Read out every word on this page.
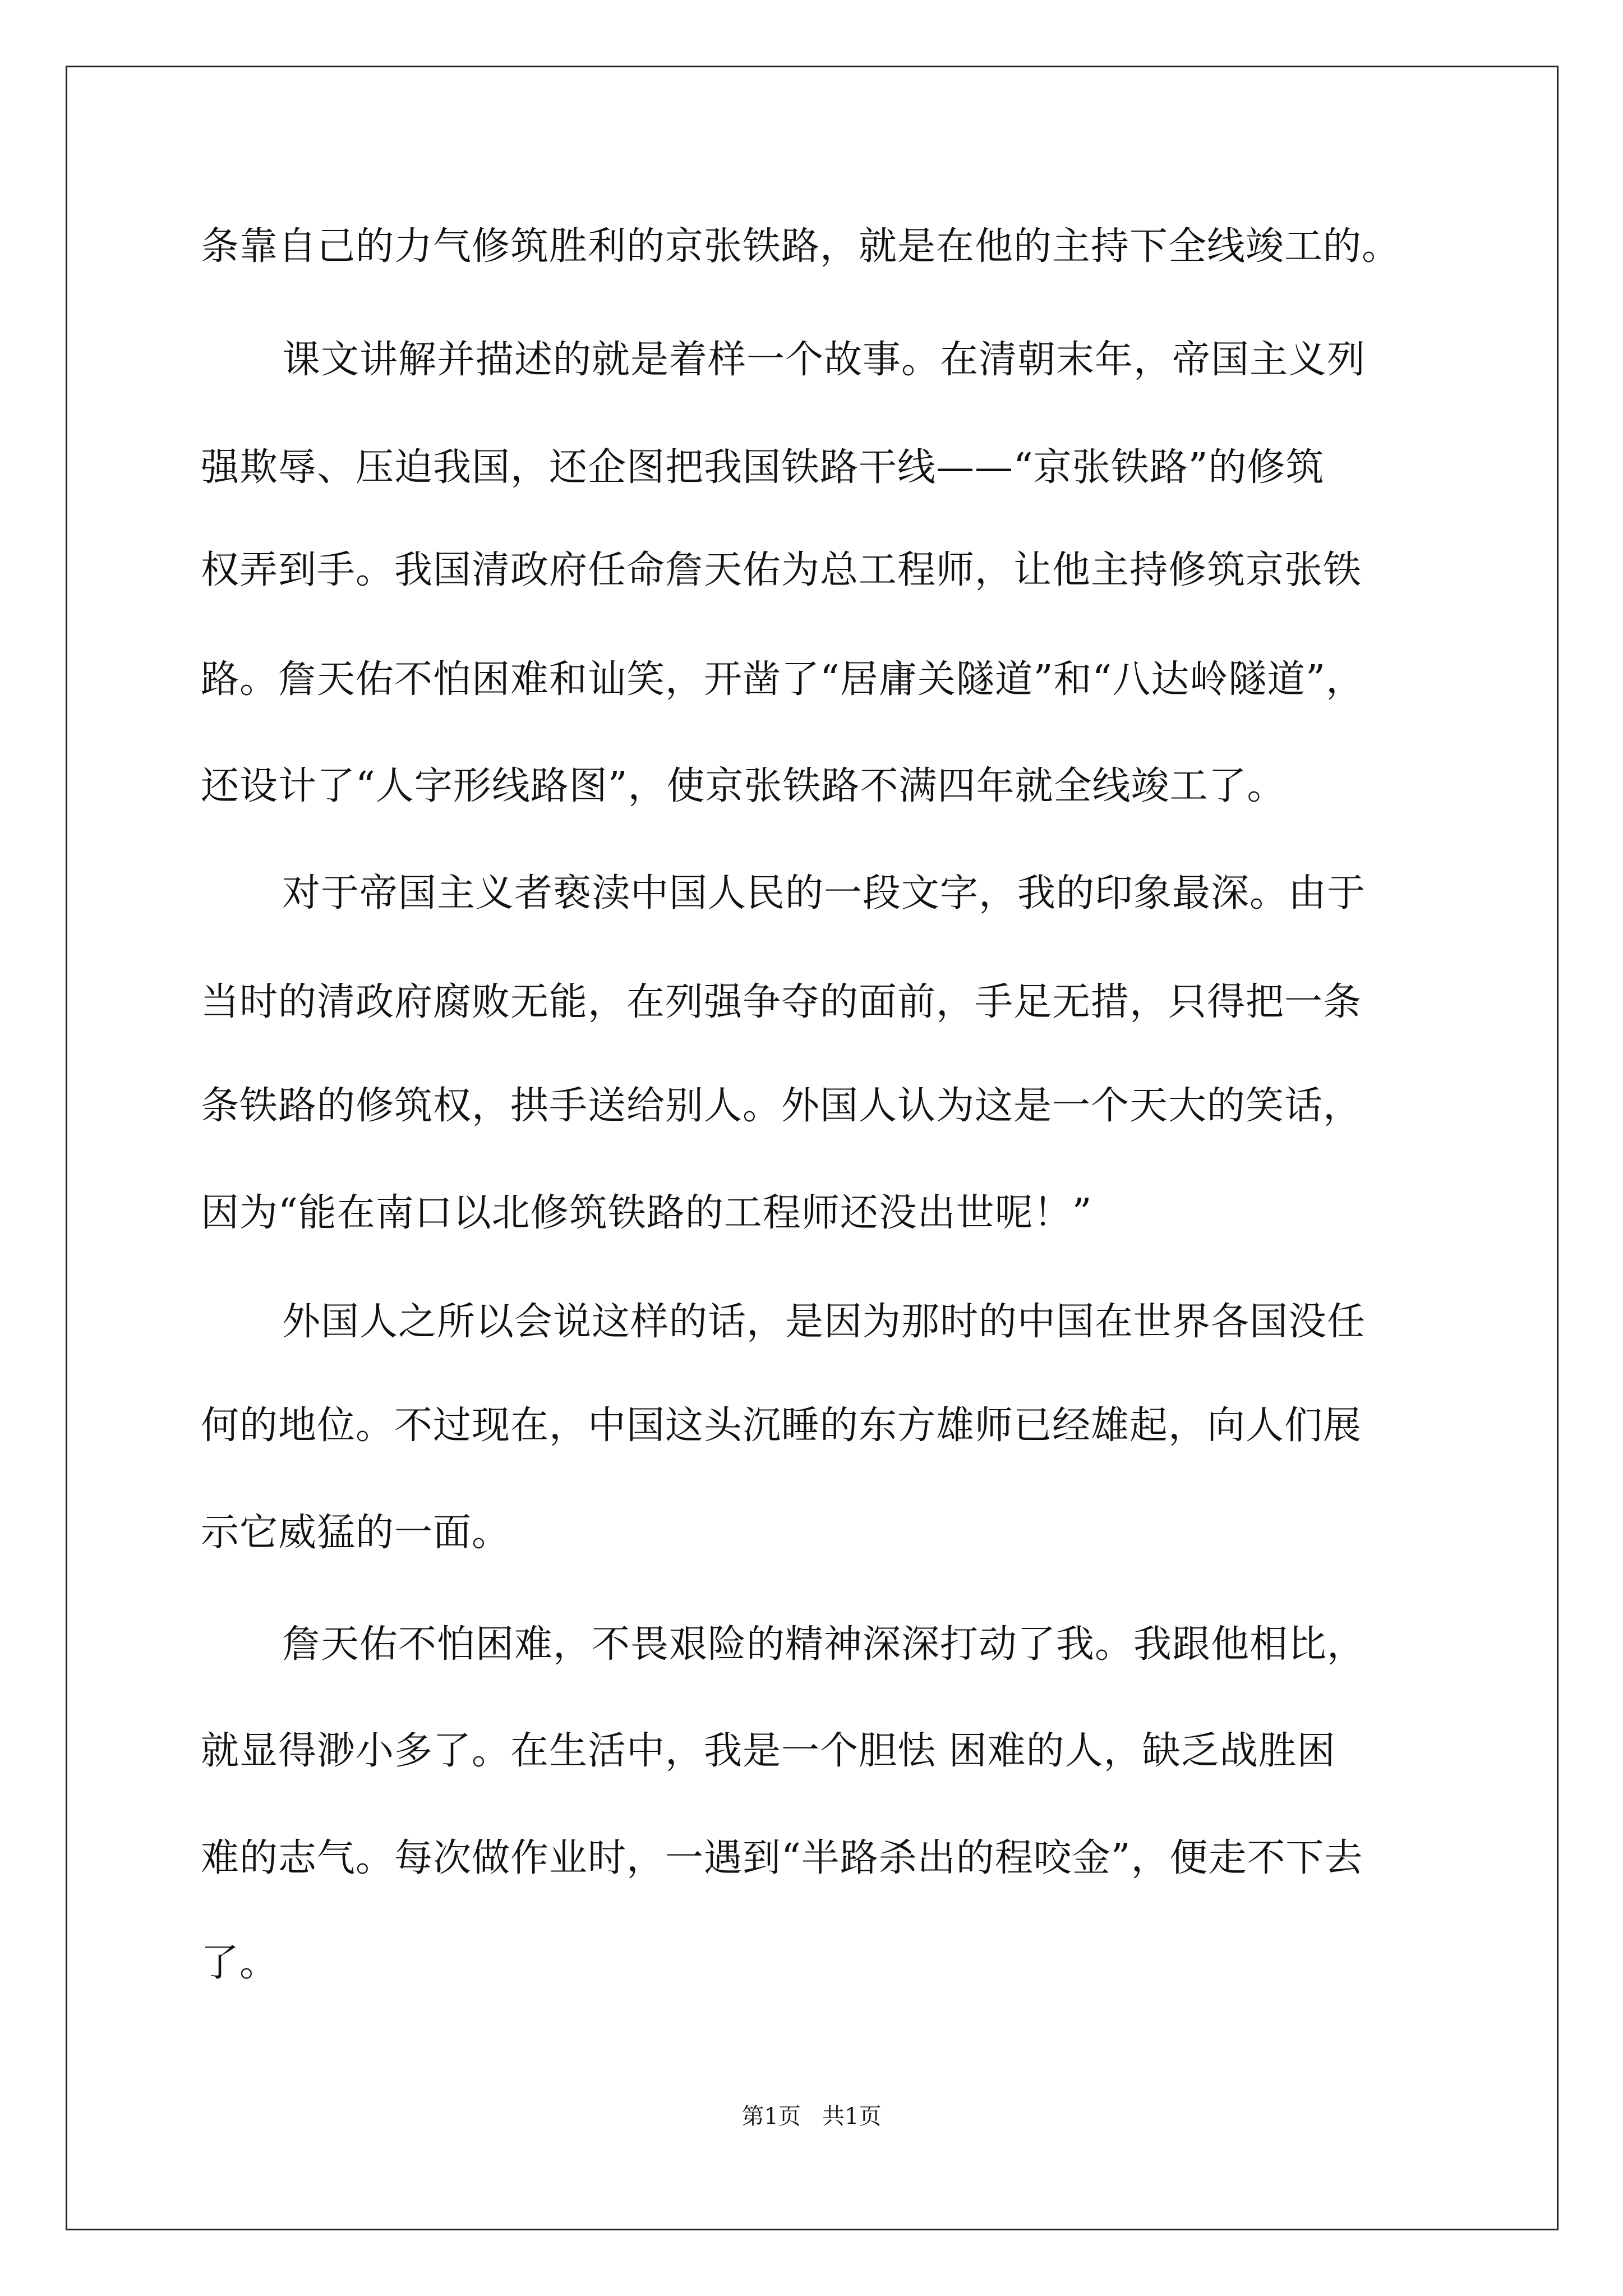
条靠自己的力气修筑胜利的京张铁路，就是在他的主持下全线竣工的。
课文讲解并描述的就是着样一个故事。在清朝末年，帝国主义列
强欺辱、压迫我国，还企图把我国铁路干线——“京张铁路”的修筑
权弄到手。我国清政府任命詹天佑为总工程师，让他主持修筑京张铁
路。詹天佑不怕困难和讪笑，开凿了“居庸关隧道”和“八达岭隧道”，
还设计了“人字形线路图”，使京张铁路不满四年就全线竣工了。
对于帝国主义者亵渎中国人民的一段文字，我的印象最深。由于
当时的清政府腐败无能，在列强争夺的面前，手足无措，只得把一条
条铁路的修筑权，拱手送给别人。外国人认为这是一个天大的笑话，
因为“能在南口以北修筑铁路的工程师还没出世呢！”
外国人之所以会说这样的话，是因为那时的中国在世界各国没任
何的地位。不过现在，中国这头沉睡的东方雄师已经雄起，向人们展
示它威猛的一面。
詹天佑不怕困难，不畏艰险的精神深深打动了我。我跟他相比，
就显得渺小多了。在生活中，我是一个胆怯 困难的人，缺乏战胜困
难的志气。每次做作业时，一遇到“半路杀出的程咬金”，便走不下去
了。
第1页   共1页
